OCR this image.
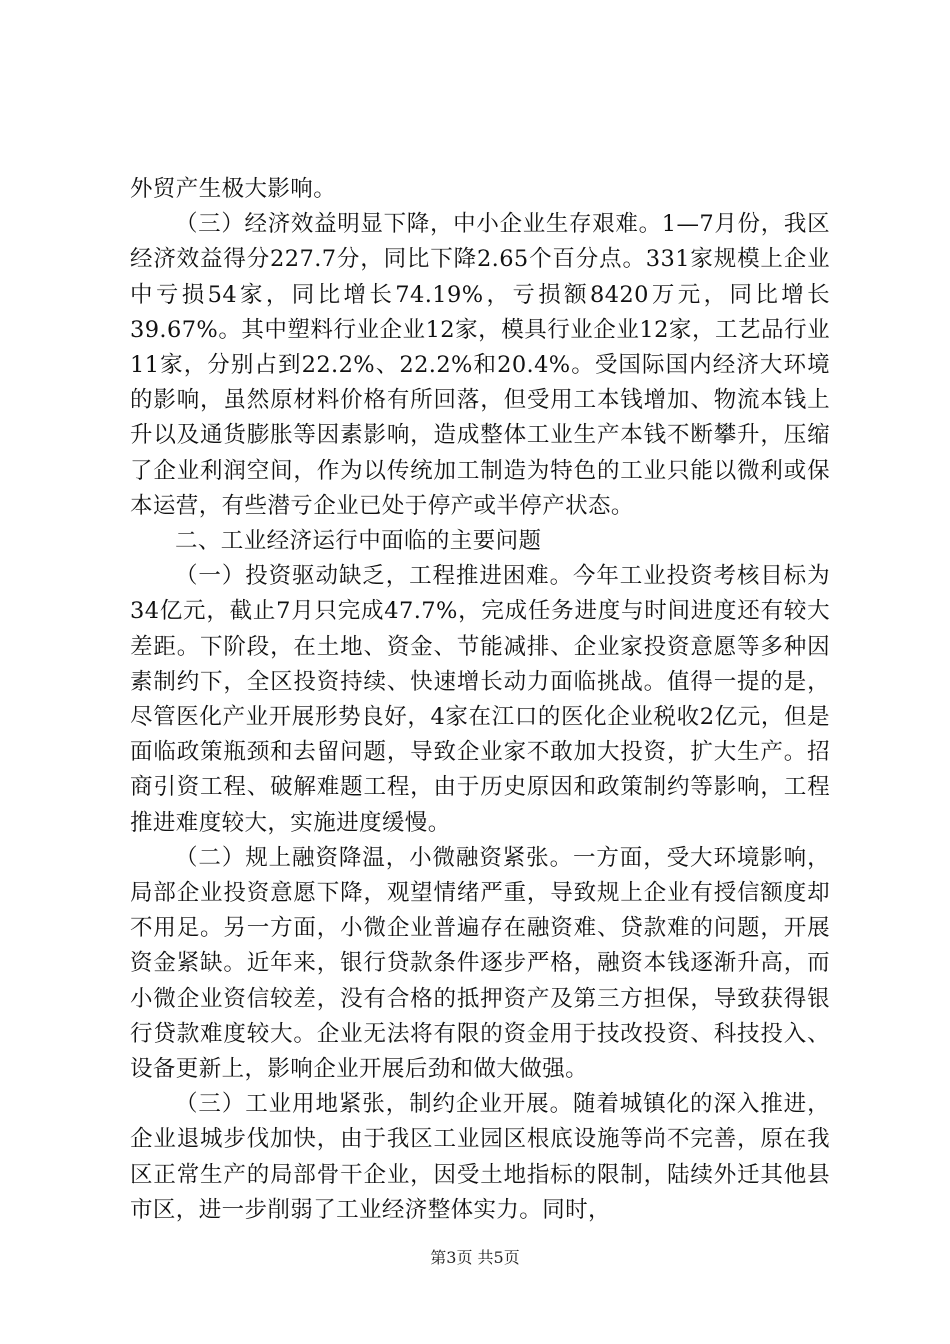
外贸产生极大影响。

（三）经济效益明显下降，中小企业生存艰难。1—7月份，我区经济效益得分227.7分，同比下降2.65个百分点。331家规模上企业中亏损54家，同比增长74.19%，亏损额8420万元，同比增长39.67%。其中塑料行业企业12家，模具行业企业12家，工艺品行业11家，分别占到22.2%、22.2%和20.4%。受国际国内经济大环境的影响，虽然原材料价格有所回落，但受用工本钱增加、物流本钱上升以及通货膨胀等因素影响，造成整体工业生产本钱不断攀升，压缩了企业利润空间，作为以传统加工制造为特色的工业只能以微利或保本运营，有些潜亏企业已处于停产或半停产状态。

二、工业经济运行中面临的主要问题

（一）投资驱动缺乏，工程推进困难。今年工业投资考核目标为34亿元，截止7月只完成47.7%，完成任务进度与时间进度还有较大差距。下阶段，在土地、资金、节能减排、企业家投资意愿等多种因素制约下，全区投资持续、快速增长动力面临挑战。值得一提的是，尽管医化产业开展形势良好，4家在江口的医化企业税收2亿元，但是面临政策瓶颈和去留问题，导致企业家不敢加大投资，扩大生产。招商引资工程、破解难题工程，由于历史原因和政策制约等影响，工程推进难度较大，实施进度缓慢。

（二）规上融资降温，小微融资紧张。一方面，受大环境影响，局部企业投资意愿下降，观望情绪严重，导致规上企业有授信额度却不用足。另一方面，小微企业普遍存在融资难、贷款难的问题，开展资金紧缺。近年来，银行贷款条件逐步严格，融资本钱逐渐升高，而小微企业资信较差，没有合格的抵押资产及第三方担保，导致获得银行贷款难度较大。企业无法将有限的资金用于技改投资、科技投入、设备更新上，影响企业开展后劲和做大做强。

（三）工业用地紧张，制约企业开展。随着城镇化的深入推进，企业退城步伐加快，由于我区工业园区根底设施等尚不完善，原在我区正常生产的局部骨干企业，因受土地指标的限制，陆续外迁其他县市区，进一步削弱了工业经济整体实力。同时，

第3页 共5页
